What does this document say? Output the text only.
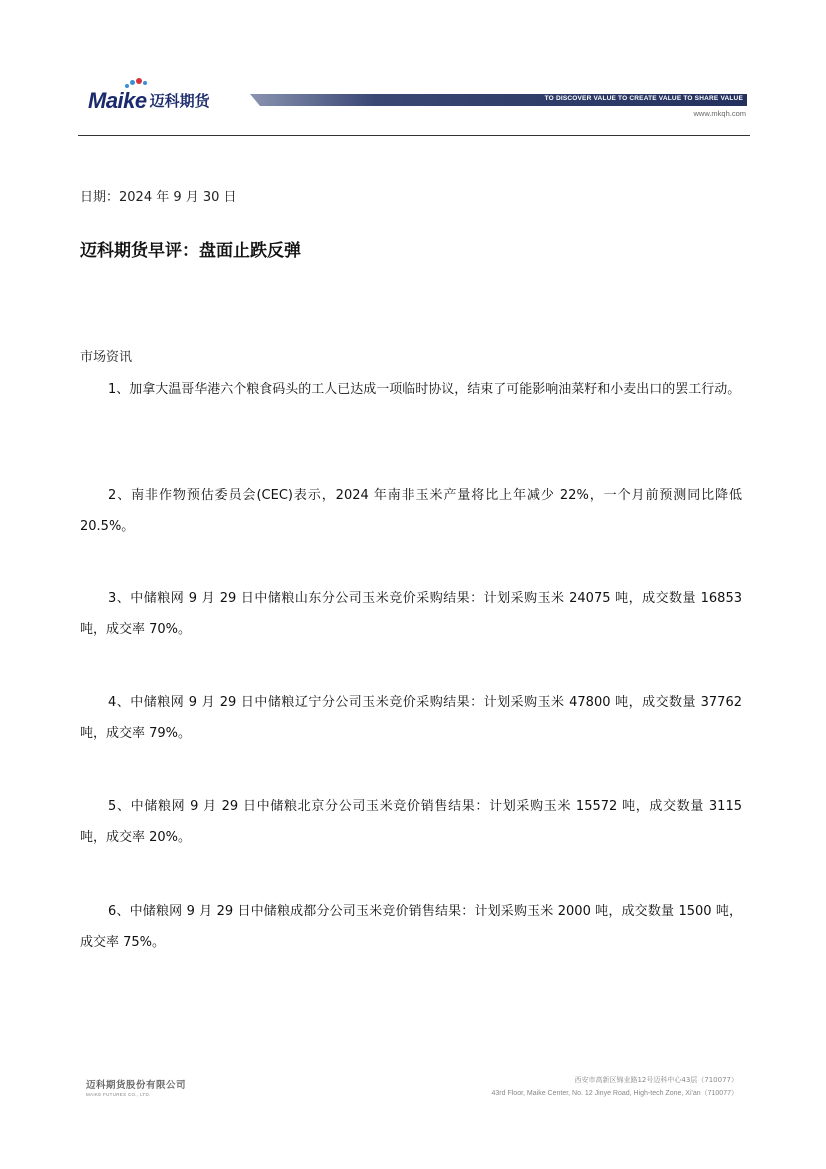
Maike 迈科期货	TO DISCOVER VALUE TO CREATE VALUE TO SHARE VALUE
www.mkqh.com
日期：2024 年 9 月 30 日
迈科期货早评：盘面止跌反弹
市场资讯
1、加拿大温哥华港六个粮食码头的工人已达成一项临时协议，结束了可能影响油菜籽和小麦出口的罢工行动。
2、南非作物预估委员会(CEC)表示，2024 年南非玉米产量将比上年减少 22%，一个月前预测同比降低 20.5%。
3、中储粮网 9 月 29 日中储粮山东分公司玉米竞价采购结果：计划采购玉米 24075 吨，成交数量 16853 吨，成交率 70%。
4、中储粮网 9 月 29 日中储粮辽宁分公司玉米竞价采购结果：计划采购玉米 47800 吨，成交数量 37762 吨，成交率 79%。
5、中储粮网 9 月 29 日中储粮北京分公司玉米竞价销售结果：计划采购玉米 15572 吨，成交数量 3115 吨，成交率 20%。
6、中储粮网 9 月 29 日中储粮成都分公司玉米竞价销售结果：计划采购玉米 2000 吨，成交数量 1500 吨，成交率 75%。
迈科期货股份有限公司
MAIKE FUTURES CO., LTD.
西安市高新区锦业路12号迈科中心43层（710077）
43rd Floor, Maike Center, No. 12 Jinye Road, High-tech Zone, Xi'an（710077）
